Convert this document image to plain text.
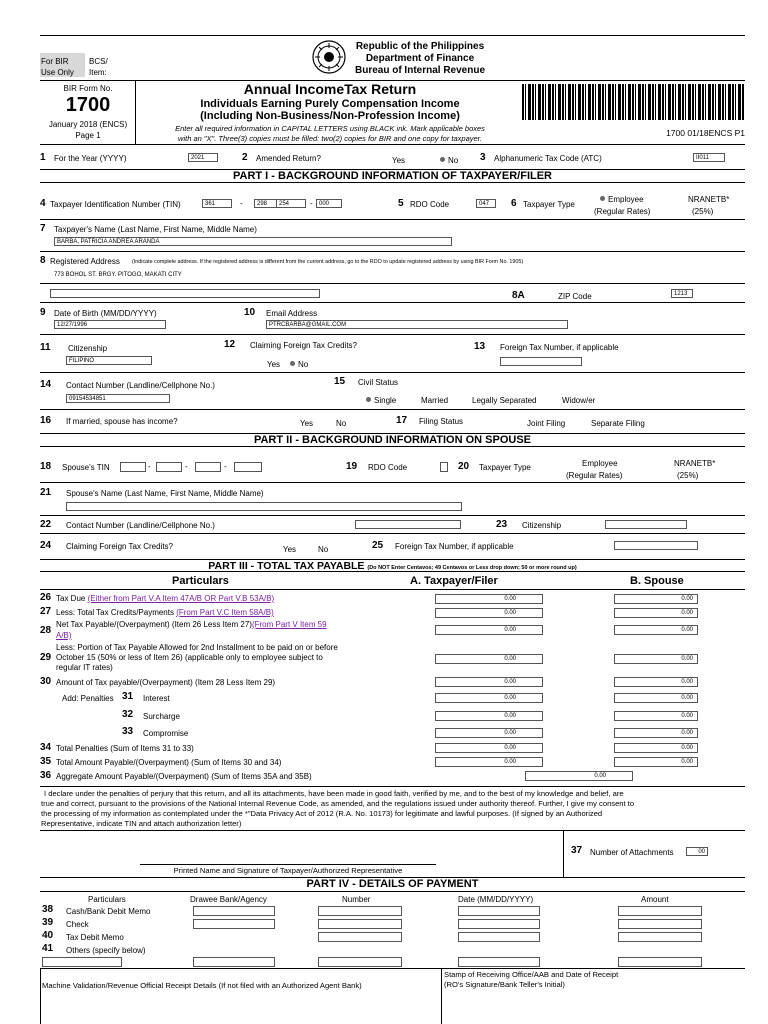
For BIR
Use Only
BCS/
Item:
Republic of the Philippines
Department of Finance
Bureau of Internal Revenue
BIR Form No.
1700
January 2018 (ENCS)
Page 1
Annual IncomeTax Return
Individuals Earning Purely Compensation Income
(Including Non-Business/Non-Profession Income)
Enter all required information in CAPITAL LETTERS using BLACK ink. Mark applicable boxes
with an "X". Three(3) copies must be filled: two(2) copies for BIR and one copy for taxpayer.
1700 01/18ENCS P1
1 For the Year (YYYY)	2021	2 Amended Return?	Yes	No 3 Alphanumeric Tax Code (ATC)	II011
PART I - BACKGROUND INFORMATION OF TAXPAYER/FILER
4 Taxpayer Identification Number (TIN)	361	-	298	254	-	000	5 RDO Code	047	6 Taxpayer Type
Employee
(Regular Rates)
NRANETB*
(25%)
7 Taxpayer's Name (Last Name, First Name, Middle Name)
BARBA, PATRICIA ANDREA ARANDA
8 Registered Address (Indicate complete address. If the registered address is different from the current address, go to the RDO to update registered address by using BIR Form No. 1905)
773 BOHOL ST. BRGY. PITOGO, MAKATI CITY
8A	ZIP Code	1213
9 Date of Birth (MM/DD/YYYY)
12/27/1996
10 Email Address
PTRCBARBA@GMAIL.COM
11 Citizenship
FILIPINO
12 Claiming Foreign Tax Credits?
Yes	No
13 Foreign Tax Number, if applicable
14 Contact Number (Landline/Cellphone No.)
09154534851
15 Civil Status
Single	Married	Legally Separated	Widow/er
16 If married, spouse has income?	Yes	No	17 Filing Status	Joint Filing	Separate Filing
PART II - BACKGROUND INFORMATION ON SPOUSE
18 Spouse's TIN	-	-	-	19 RDO Code	20 Taxpayer Type	Employee
(Regular Rates)
NRANETB*
(25%)
21 Spouse's Name (Last Name, First Name, Middle Name)
22 Contact Number (Landline/Cellphone No.)	23 Citizenship
24 Claiming Foreign Tax Credits?	Yes	No	25 Foreign Tax Number, if applicable
PART III - TOTAL TAX PAYABLE (Do NOT Enter Centavos; 49 Centavos or Less drop down; 50 or more round up)
Particulars	A. Taxpayer/Filer	B. Spouse
26 Tax Due (Either from Part V.A Item 47A/B OR Part V.B 53A/B)	0.00	0.00
27 Less: Total Tax Credits/Payments (From Part V.C Item 58A/B)	0.00	0.00
28
Net Tax Payable/(Overpayment) (Item 26 Less Item 27)(From Part V Item 59
A/B)
0.00	0.00
29
Less: Portion of Tax Payable Allowed for 2nd Installment to be paid on or before
October 15 (50% or less of Item 26) (applicable only to employee subject to
regular IT rates)
0.00	0.00
30 Amount of Tax payable/(Overpayment) (Item 28 Less Item 29)	0.00	0.00
Add: Penalties 31 Interest	0.00	0.00
32 Surcharge	0.00	0.00
33 Compromise	0.00	0.00
34 Total Penalties (Sum of Items 31 to 33)	0.00	0.00
35 Total Amount Payable/(Overpayment) (Sum of Items 30 and 34)	0.00	0.00
36 Aggregate Amount Payable/(Overpayment) (Sum of Items 35A and 35B)	0.00
I declare under the penalties of perjury that this return, and all its attachments, have been made in good faith, verified by me, and to the best of my knowledge and belief, are
true and correct, pursuant to the provisions of the National Internal Revenue Code, as amended, and the regulations issued under authority thereof. Further, I give my consent to
the processing of my information as contemplated under the *"Data Privacy Act of 2012 (R.A. No. 10173) for legitimate and lawful purposes. (If signed by an Authorized
Representative, indicate TIN and attach authorization letter)
Printed Name and Signature of Taxpayer/Authorized Representative
37 Number of Attachments	00
PART IV - DETAILS OF PAYMENT
Particulars	Drawee Bank/Agency	Number	Date (MM/DD/YYYY)	Amount
38 Cash/Bank Debit Memo
39 Check
40 Tax Debit Memo
41 Others (specify below)
Machine Validation/Revenue Official Receipt Details (If not filed with an Authorized Agent Bank)
Stamp of Receiving Office/AAB and Date of Receipt
(RO's Signature/Bank Teller's Initial)
